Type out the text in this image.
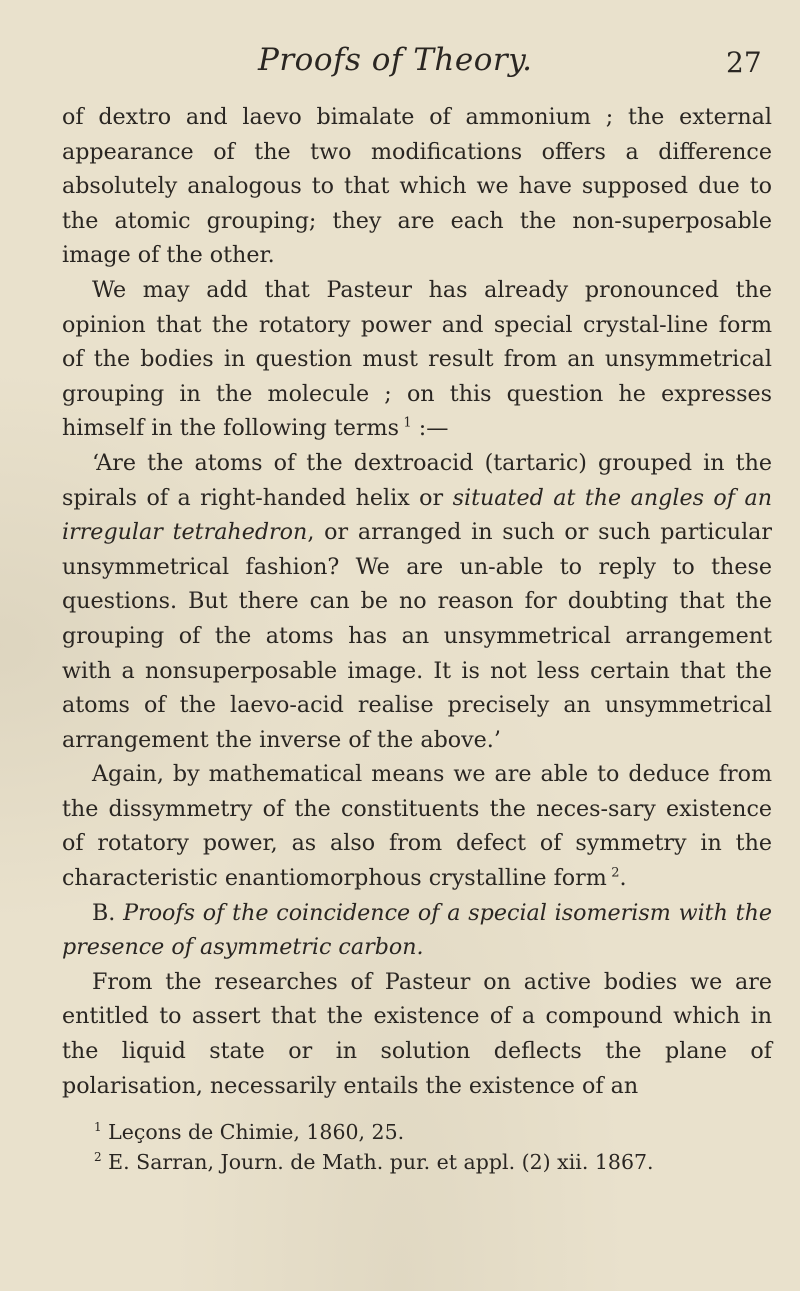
Proofs of Theory.	27

of dextro and laevo bimalate of ammonium ; the external appearance of the two modifications offers a difference absolutely analogous to that which we have supposed due to the atomic grouping; they are each the non-superposable image of the other.

We may add that Pasteur has already pronounced the opinion that the rotatory power and special crystal-line form of the bodies in question must result from an unsymmetrical grouping in the molecule ; on this question he expresses himself in the following terms  $^1$ :—

‘Are the atoms of the dextroacid (tartaric) grouped in the spirals of a right-handed helix or situated at the angles of an irregular tetrahedron, or arranged in such or such particular unsymmetrical fashion? We are un-able to reply to these questions. But there can be no reason for doubting that the grouping of the atoms has an unsymmetrical arrangement with a nonsuperposable image. It is not less certain that the atoms of the laevo-acid realise precisely an unsymmetrical arrangement the inverse of the above.’

Again, by mathematical means we are able to deduce from the dissymmetry of the constituents the neces-sary existence of rotatory power, as also from defect of symmetry in the characteristic enantiomorphous crystalline form  $^2$.

B. Proofs of the coincidence of a special isomerism with the presence of asymmetric carbon.

From the researches of Pasteur on active bodies we are entitled to assert that the existence of a compound which in the liquid state or in solution deflects the plane of polarisation, necessarily entails the existence of an

$^1$ Leçons de Chimie, 1860, 25.

$^2$ E. Sarran, Journ. de Math. pur. et appl. (2) xii. 1867.
